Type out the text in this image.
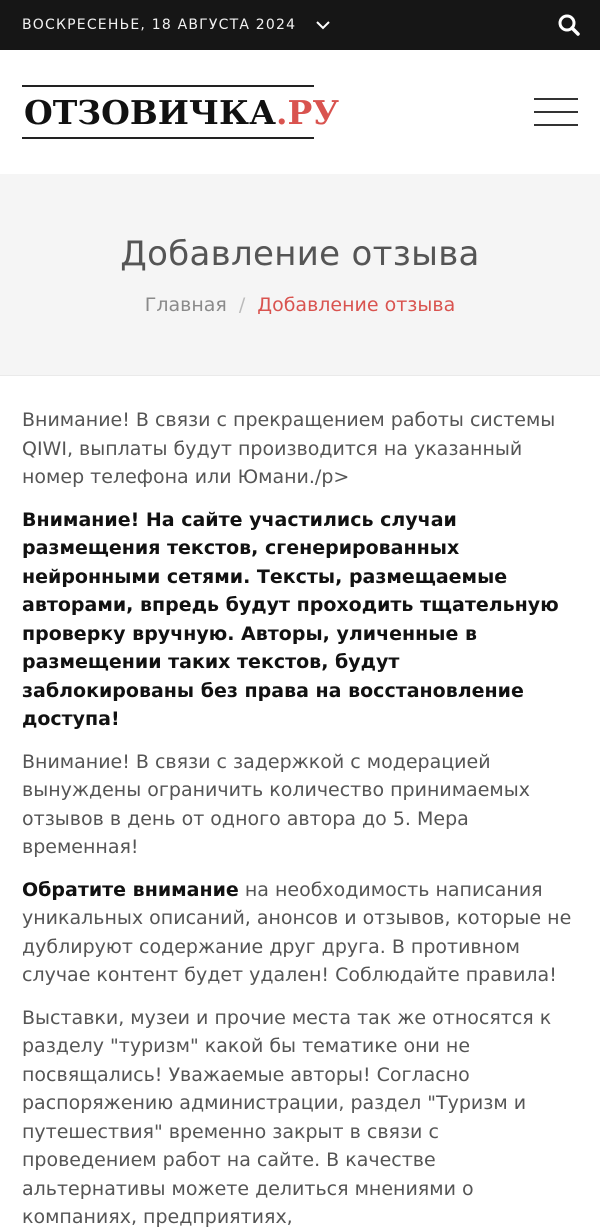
ВОСКРЕСЕНЬЕ, 18 АВГУСТА 2024
ОТЗОВИЧКА.РУ
Добавление отзыва
Главная / Добавление отзыва

Внимание! В связи с прекращением работы системы QIWI, выплаты будут производится на указанный номер телефона или Юмани./p>

Внимание! На сайте участились случаи размещения текстов, сгенерированных нейронными сетями. Тексты, размещаемые авторами, впредь будут проходить тщательную проверку вручную. Авторы, уличенные в размещении таких текстов, будут заблокированы без права на восстановление доступа!

Внимание! В связи с задержкой с модерацией вынуждены ограничить количество принимаемых отзывов в день от одного автора до 5. Мера временная!

Обратите внимание на необходимость написания уникальных описаний, анонсов и отзывов, которые не дублируют содержание друг друга. В противном случае контент будет удален! Соблюдайте правила!

Выставки, музеи и прочие места так же относятся к разделу "туризм" какой бы тематике они не посвящались! Уважаемые авторы! Согласно распоряжению администрации, раздел "Туризм и путешествия" временно закрыт в связи с проведением работ на сайте. В качестве альтернативы можете делиться мнениями о компаниях, предприятиях,
